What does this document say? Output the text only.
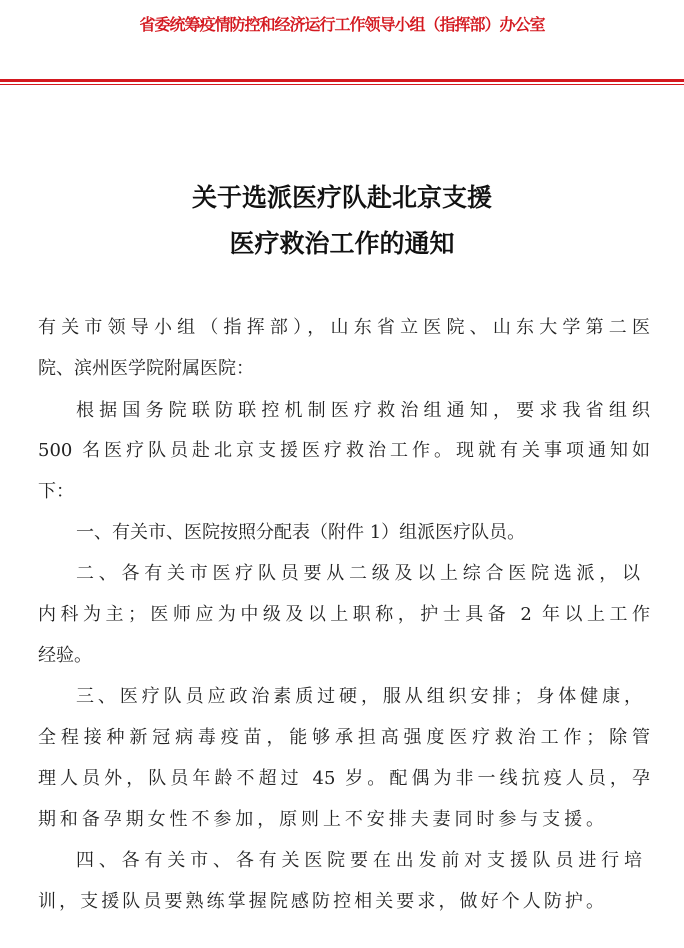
省委统筹疫情防控和经济运行工作领导小组（指挥部）办公室
关于选派医疗队赴北京支援
医疗救治工作的通知
有关市领导小组（指挥部），山东省立医院、山东大学第二医
院、滨州医学院附属医院：
根据国务院联防联控机制医疗救治组通知，要求我省组织
500 名医疗队员赴北京支援医疗救治工作。现就有关事项通知如
下：
一、有关市、医院按照分配表（附件 1）组派医疗队员。
二、各有关市医疗队员要从二级及以上综合医院选派，以
内科为主；医师应为中级及以上职称，护士具备 2 年以上工作
经验。
三、医疗队员应政治素质过硬，服从组织安排；身体健康，
全程接种新冠病毒疫苗，能够承担高强度医疗救治工作；除管
理人员外，队员年龄不超过 45 岁。配偶为非一线抗疫人员，孕
期和备孕期女性不参加，原则上不安排夫妻同时参与支援。
四、各有关市、各有关医院要在出发前对支援队员进行培
训，支援队员要熟练掌握院感防控相关要求，做好个人防护。
